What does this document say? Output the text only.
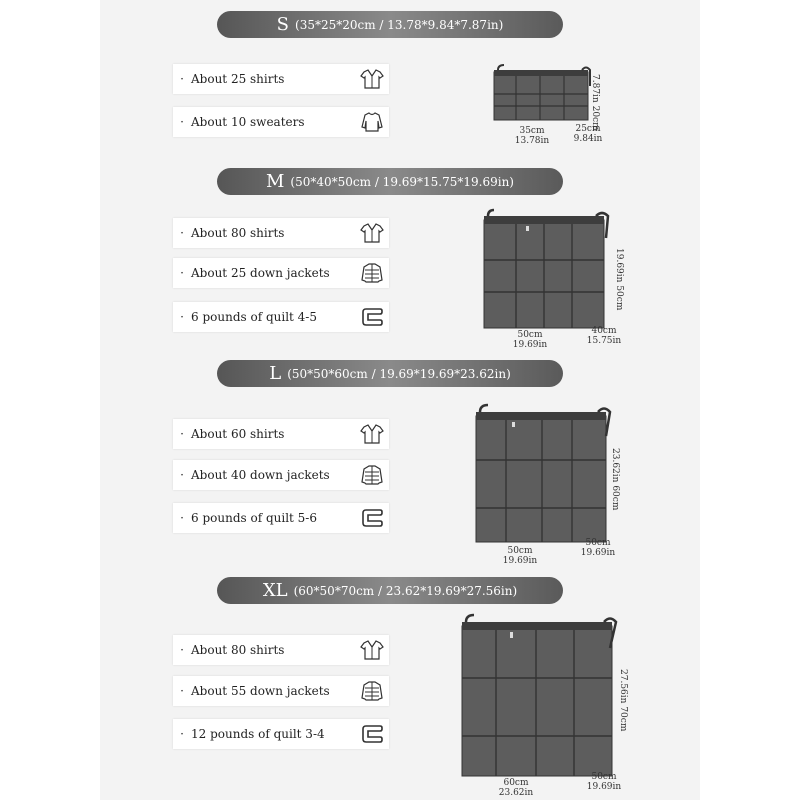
S (35*25*20cm / 13.78*9.84*7.87in)
· About 25 shirts
· About 10 sweaters
35cm
13.78in
25cm
9.84in
7.87in 20cm
M (50*40*50cm / 19.69*15.75*19.69in)
· About 80 shirts
· About 25 down jackets
· 6 pounds of quilt 4-5
50cm
19.69in
40cm
15.75in
19.69in 50cm
L (50*50*60cm / 19.69*19.69*23.62in)
· About 60 shirts
· About 40 down jackets
· 6 pounds of quilt 5-6
50cm
19.69in
50cm
19.69in
23.62in 60cm
XL (60*50*70cm / 23.62*19.69*27.56in)
· About 80 shirts
· About 55 down jackets
· 12 pounds of quilt 3-4
60cm
23.62in
50cm
19.69in
27.56in 70cm
